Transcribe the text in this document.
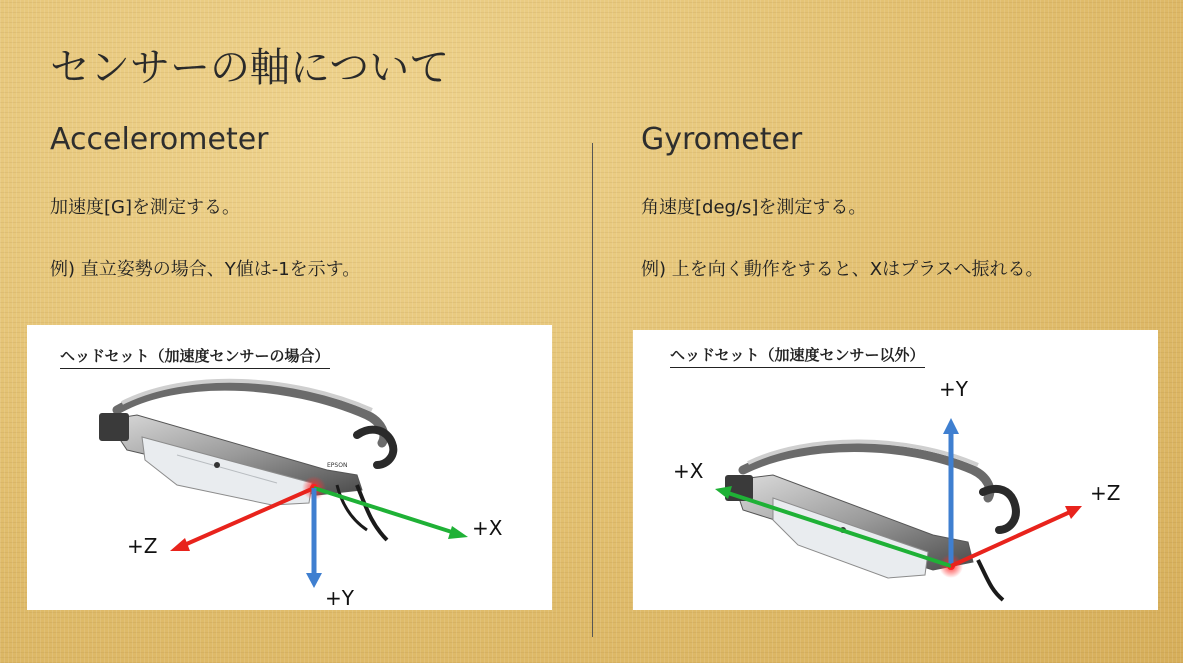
センサーの軸について
Accelerometer
加速度[G]を測定する。
例) 直立姿勢の場合、Y値は-1を示す。
ヘッドセット（加速度センサーの場合）
EPSON
+Z
+X
+Y
Gyrometer
角速度[deg/s]を測定する。
例) 上を向く動作をすると、Xはプラスへ振れる。
ヘッドセット（加速度センサー以外）
+Y
+X
+Z
